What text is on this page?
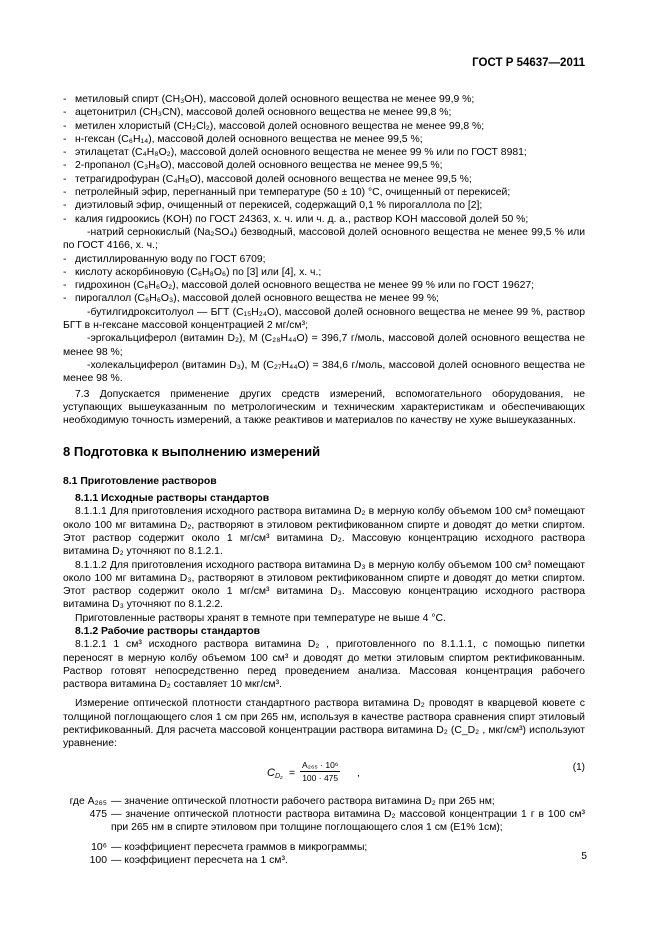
ГОСТ Р 54637—2011
- метиловый спирт (CH₃OH), массовой долей основного вещества не менее 99,9 %;
- ацетонитрил (CH₃CN), массовой долей основного вещества не менее 99,8 %;
- метилен хлористый (CH₂Cl₂), массовой долей основного вещества не менее 99,8 %;
- н-гексан (C₆H₁₄), массовой долей основного вещества не менее 99,5 %;
- этилацетат (C₄H₈O₂), массовой долей основного вещества не менее 99 % или по ГОСТ 8981;
- 2-пропанол (C₃H₈O), массовой долей основного вещества не менее 99,5 %;
- тетрагидрофуран (C₄H₈O), массовой долей основного вещества не менее 99,5 %;
- петролейный эфир, перегнанный при температуре (50 ± 10) °С, очищенный от перекисей;
- диэтиловый эфир, очищенный от перекисей, содержащий 0,1 % пирогаллола по [2];
- калия гидроокись (KOH) по ГОСТ 24363, х. ч. или ч. д. а., раствор KOH массовой долей 50 %;
-натрий сернокислый (Na₂SO₄) безводный, массовой долей основного вещества не менее 99,5 % или по ГОСТ 4166, х. ч.;
- дистиллированную воду по ГОСТ 6709;
- кислоту аскорбиновую (C₆H₈O₆) по [3] или [4], х. ч.;
- гидрохинон (C₆H₆O₂), массовой долей основного вещества не менее 99 % или по ГОСТ 19627;
- пирогаллол (C₆H₆O₃), массовой долей основного вещества не менее 99 %;
-бутилгидрокситолуол — БГТ (C₁₅H₂₄O), массовой долей основного вещества не менее 99 %, раствор БГТ в н-гексане массовой концентрацией 2 мг/см³;
-эргокальциферол (витамин D₂), M (C₂₈H₄₄O) = 396,7 г/моль, массовой долей основного вещества не менее 98 %;
-холекальциферол (витамин D₃), M (C₂₇H₄₄O) = 384,6 г/моль, массовой долей основного вещества не менее 98 %.
7.3 Допускается применение других средств измерений, вспомогательного оборудования, не уступающих вышеуказанным по метрологическим и техническим характеристикам и обеспечивающих необходимую точность измерений, а также реактивов и материалов по качеству не хуже вышеуказанных.
8 Подготовка к выполнению измерений
8.1 Приготовление растворов
8.1.1 Исходные растворы стандартов
8.1.1.1 Для приготовления исходного раствора витамина D₂ в мерную колбу объемом 100 см³ помещают около 100 мг витамина D₂, растворяют в этиловом ректификованном спирте и доводят до метки спиртом. Этот раствор содержит около 1 мг/см³ витамина D₂. Массовую концентрацию исходного раствора витамина D₂ уточняют по 8.1.2.1.
8.1.1.2 Для приготовления исходного раствора витамина D₃ в мерную колбу объемом 100 см³ помещают около 100 мг витамина D₃, растворяют в этиловом ректификованном спирте и доводят до метки спиртом. Этот раствор содержит около 1 мг/см³ витамина D₃. Массовую концентрацию исходного раствора витамина D₃ уточняют по 8.1.2.2.
Приготовленные растворы хранят в темноте при температуре не выше 4 °С.
8.1.2 Рабочие растворы стандартов
8.1.2.1 1 см³ исходного раствора витамина D₂ , приготовленного по 8.1.1.1, с помощью пипетки переносят в мерную колбу объемом 100 см³ и доводят до метки этиловым спиртом ректификованным. Раствор готовят непосредственно перед проведением анализа. Массовая концентрация рабочего раствора витамина D₂ составляет 10 мкг/см³.
Измерение оптической плотности стандартного раствора витамина D₂ проводят в кварцевой кювете с толщиной поглощающего слоя 1 см при 265 нм, используя в качестве раствора сравнения спирт этиловый ректификованный. Для расчета массовой концентрации раствора витамина D₂ (C_D₂ , мкг/см³) используют уравнение:
$C_{D_2} = \frac{\text{A₂₆₅ · 10⁶}}{100 \cdot 475}$ ,
(1)
где A₂₆₅ — значение оптической плотности рабочего раствора витамина D₂ при 265 нм;
475 — значение оптической плотности раствора витамина D₂ массовой концентрации 1 г в 100 см³ при 265 нм в спирте этиловом при толщине поглощающего слоя 1 см (E1% 1см);
10⁶ — коэффициент пересчета граммов в микрограммы;
100 — коэффициент пересчета на 1 см³.	5
